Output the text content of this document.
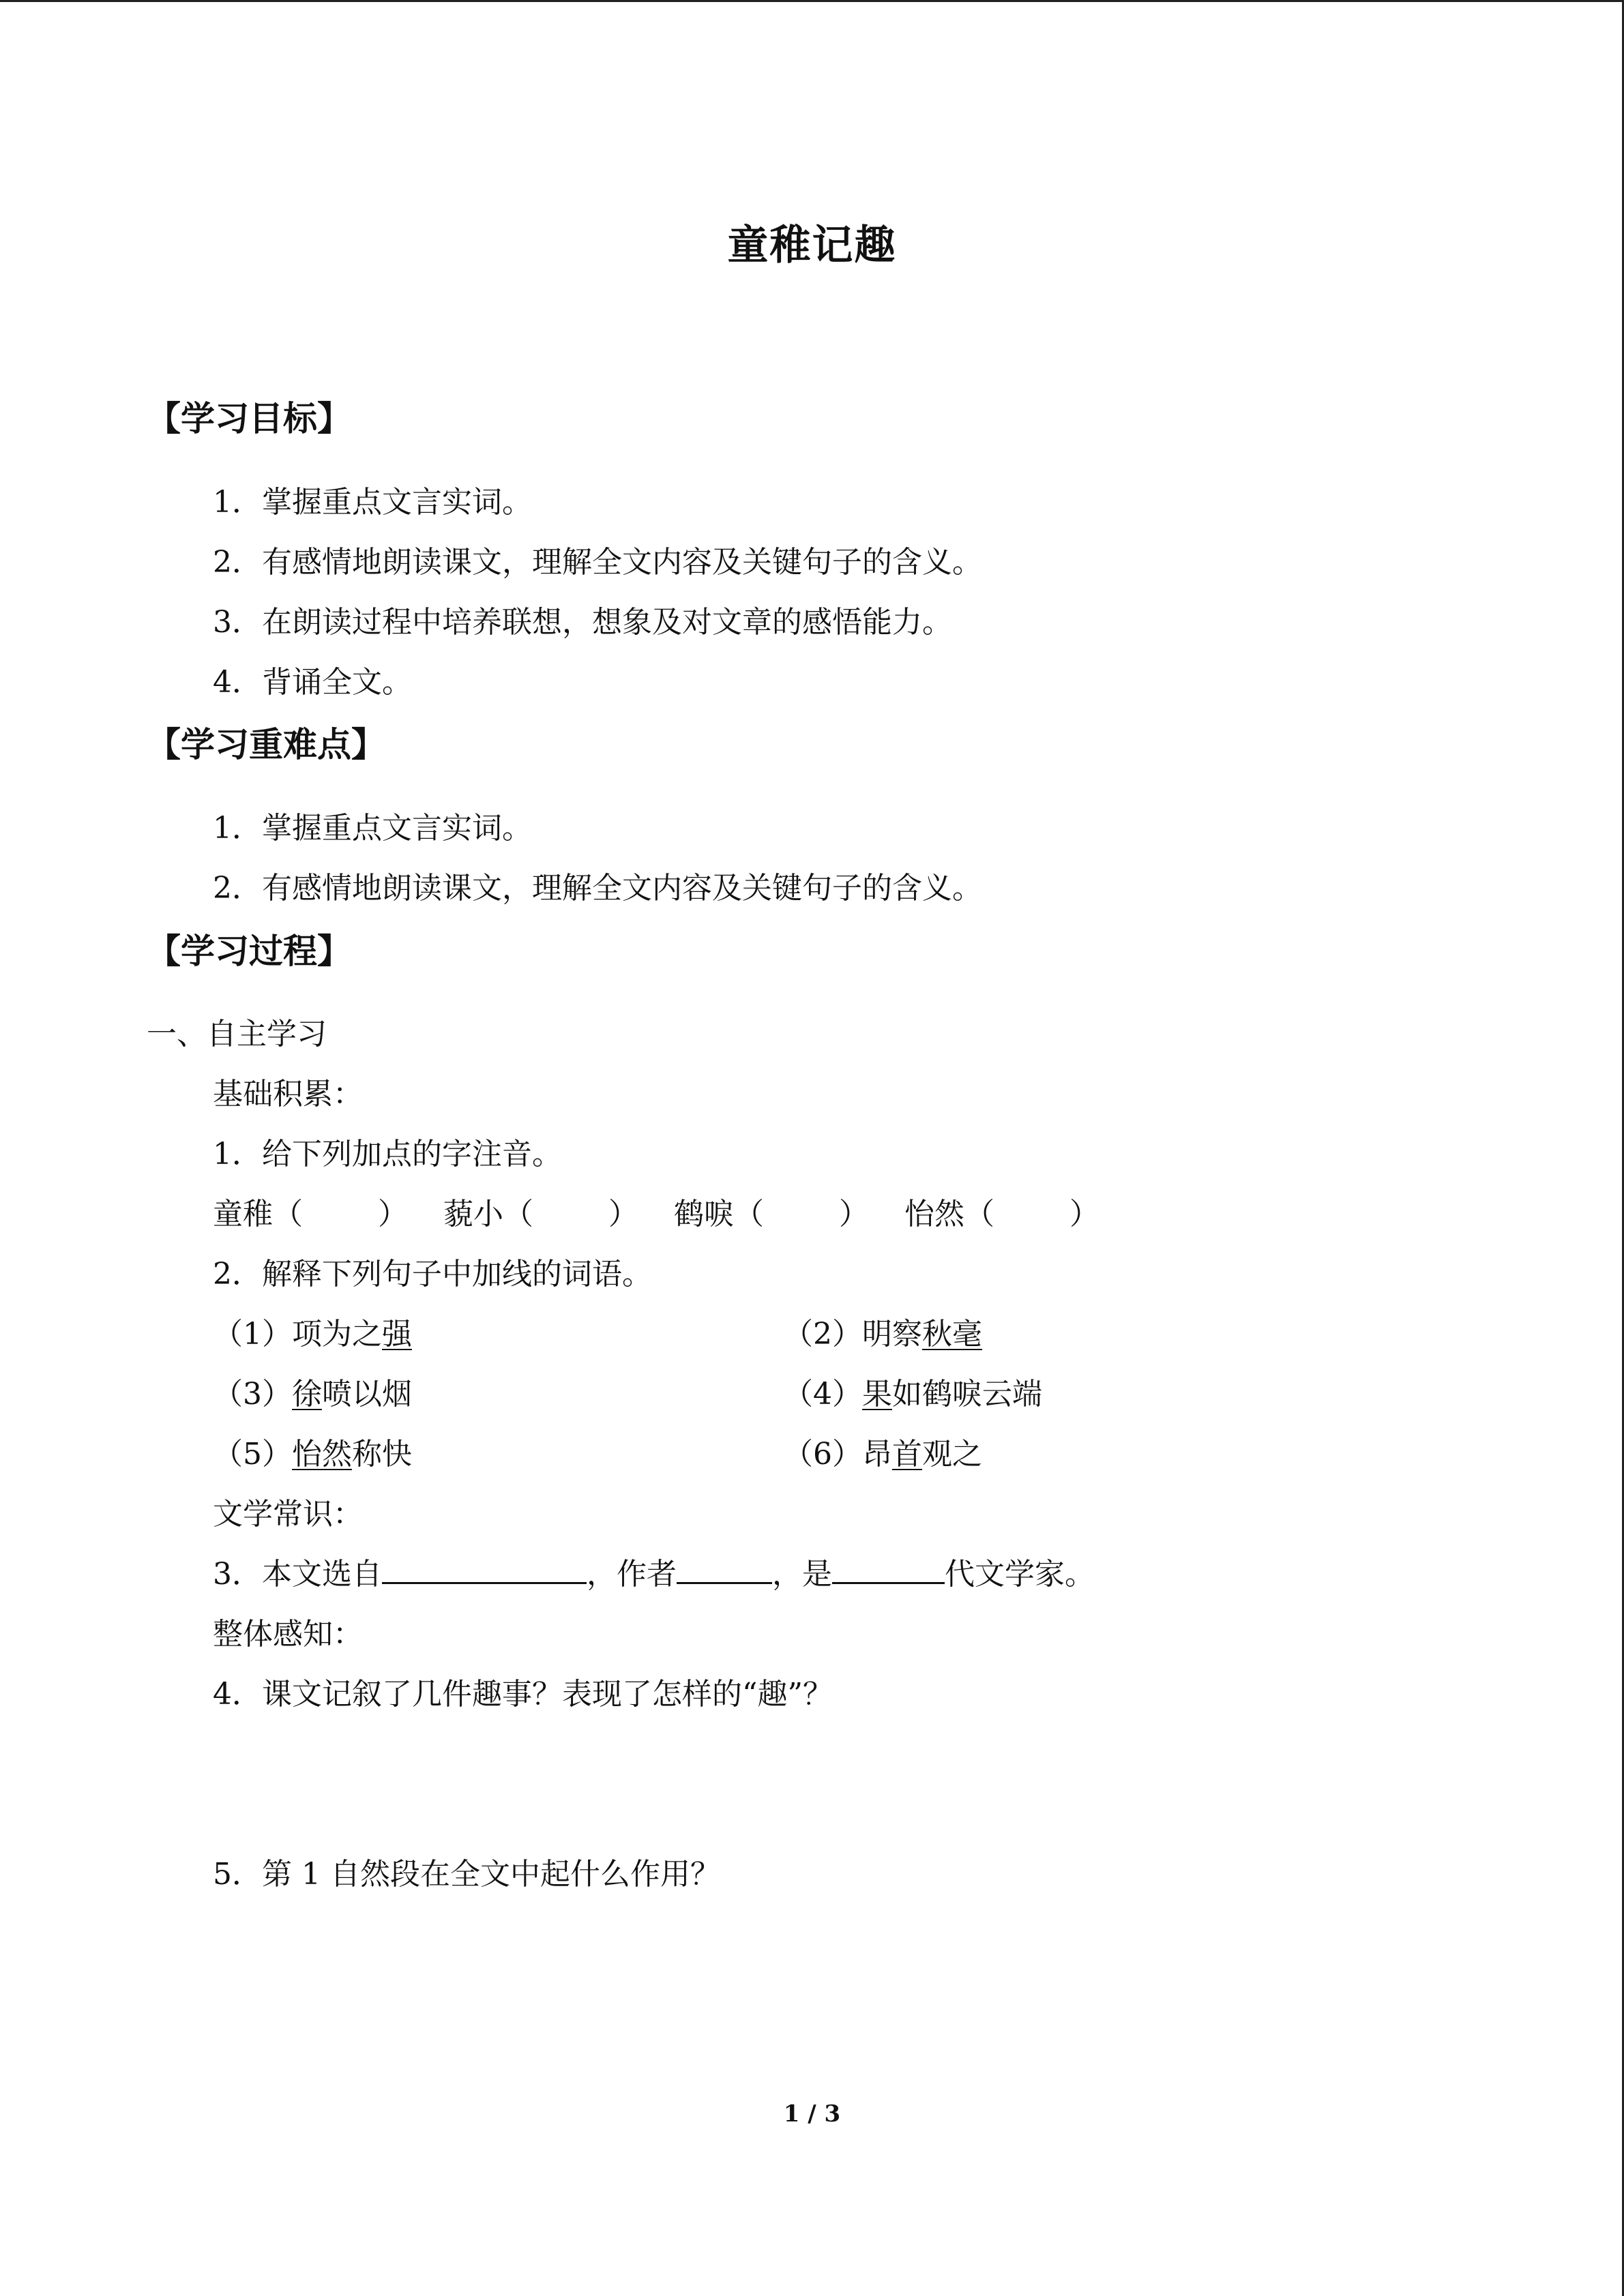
童稚记趣
【学习目标】
1．掌握重点文言实词。
2．有感情地朗读课文，理解全文内容及关键句子的含义。
3．在朗读过程中培养联想，想象及对文章的感悟能力。
4．背诵全文。
【学习重难点】
1．掌握重点文言实词。
2．有感情地朗读课文，理解全文内容及关键句子的含义。
【学习过程】
一、自主学习
基础积累：
1．给下列加点的字注音。
童稚（	） 藐小（	） 鹤唳（	） 怡然（	）
2．解释下列句子中加线的词语。
（1）项为之强	（2）明察秋毫
（3）徐喷以烟	（4）果如鹤唳云端
（5）怡然称快	（6）昂首观之
文学常识：
3．本文选自	，作者	，是	代文学家。
整体感知：
4．课文记叙了几件趣事？表现了怎样的“趣”？
5．第 1 自然段在全文中起什么作用？
1 / 3
